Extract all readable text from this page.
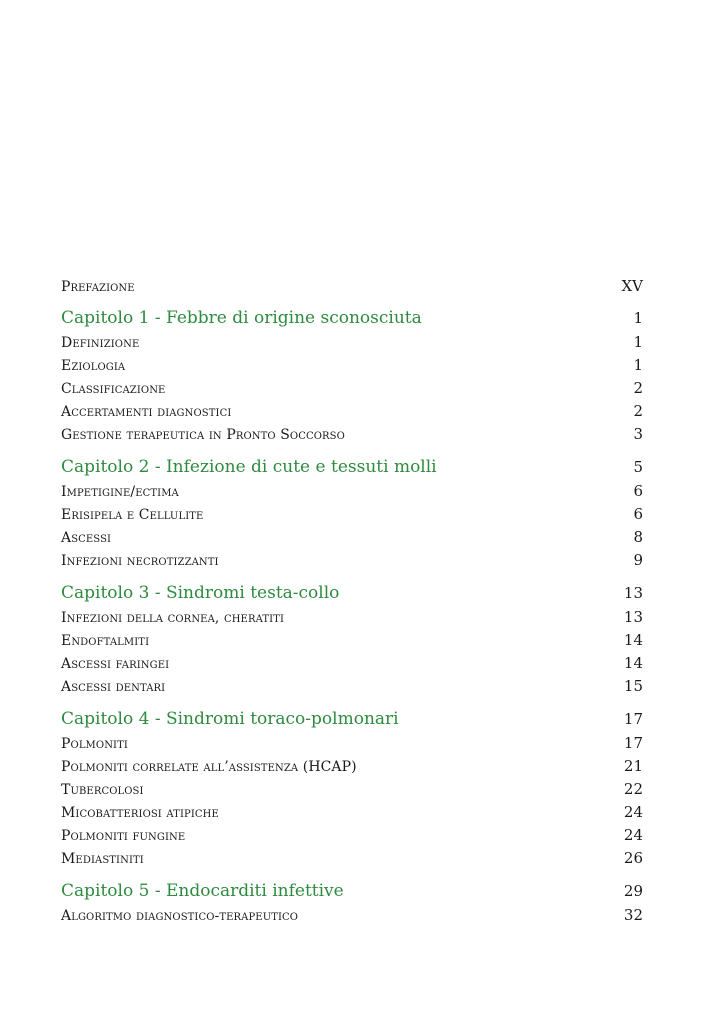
Prefazione	XV
Capitolo 1 - Febbre di origine sconosciuta	1
Definizione	1
Eziologia	1
Classificazione	2
Accertamenti diagnostici	2
Gestione terapeutica in Pronto Soccorso	3
Capitolo 2 - Infezione di cute e tessuti molli	5
Impetigine/ectima	6
Erisipela e Cellulite	6
Ascessi	8
Infezioni necrotizzanti	9
Capitolo 3 - Sindromi testa-collo	13
Infezioni della cornea, cheratiti	13
Endoftalmiti	14
Ascessi faringei	14
Ascessi dentari	15
Capitolo 4 - Sindromi toraco-polmonari	17
Polmoniti	17
Polmoniti correlate all’assistenza (HCAP)	21
Tubercolosi	22
Micobatteriosi atipiche	24
Polmoniti fungine	24
Mediastiniti	26
Capitolo 5 - Endocarditi infettive	29
Algoritmo diagnostico-terapeutico	32
